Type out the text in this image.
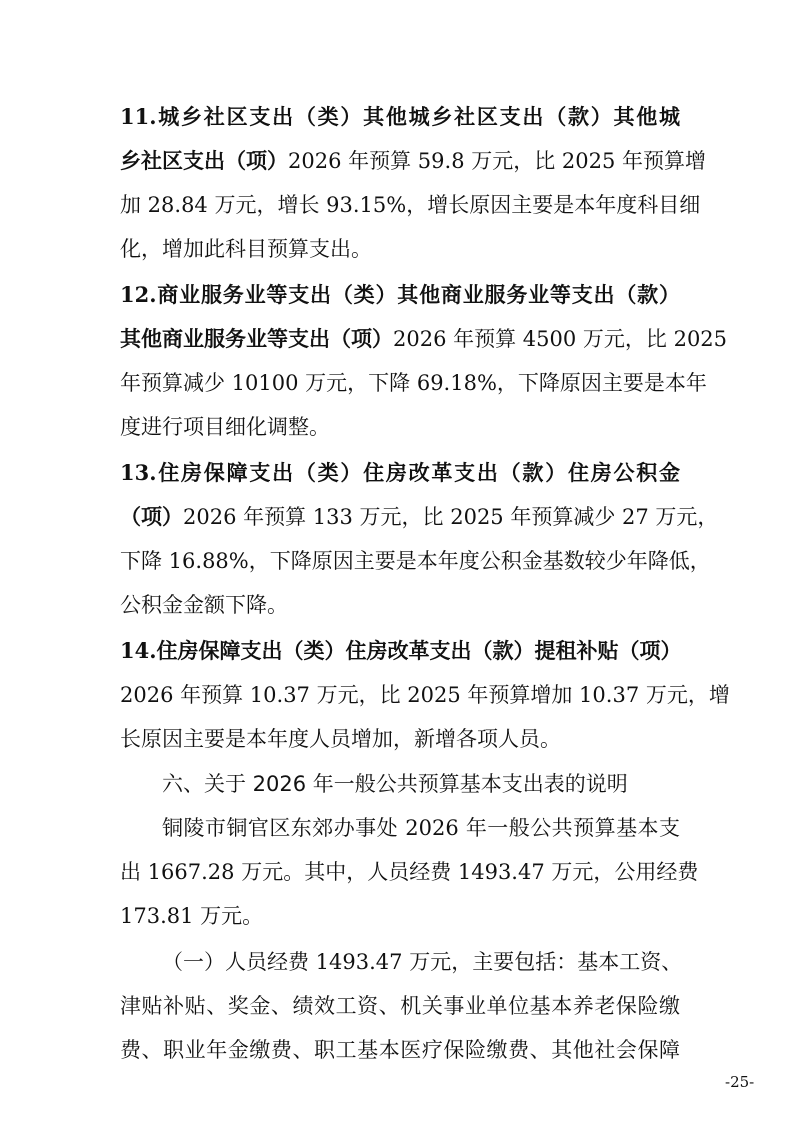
11.城乡社区支出（类）其他城乡社区支出（款）其他城
乡社区支出（项）2026 年预算 59.8 万元，比 2025 年预算增
加 28.84 万元，增长 93.15%，增长原因主要是本年度科目细
化，增加此科目预算支出。
12.商业服务业等支出（类）其他商业服务业等支出（款）
其他商业服务业等支出（项）2026 年预算 4500 万元，比 2025
年预算减少 10100 万元，下降 69.18%，下降原因主要是本年
度进行项目细化调整。
13.住房保障支出（类）住房改革支出（款）住房公积金
（项）2026 年预算 133 万元，比 2025 年预算减少 27 万元，
下降 16.88%，下降原因主要是本年度公积金基数较少年降低，
公积金金额下降。
14.住房保障支出（类）住房改革支出（款）提租补贴（项）
2026 年预算 10.37 万元，比 2025 年预算增加 10.37 万元，增
长原因主要是本年度人员增加，新增各项人员。
六、关于 2026 年一般公共预算基本支出表的说明
铜陵市铜官区东郊办事处 2026 年一般公共预算基本支
出 1667.28 万元。其中，人员经费 1493.47 万元，公用经费
173.81 万元。
（一）人员经费 1493.47 万元，主要包括：基本工资、
津贴补贴、奖金、绩效工资、机关事业单位基本养老保险缴
费、职业年金缴费、职工基本医疗保险缴费、其他社会保障
-25-
